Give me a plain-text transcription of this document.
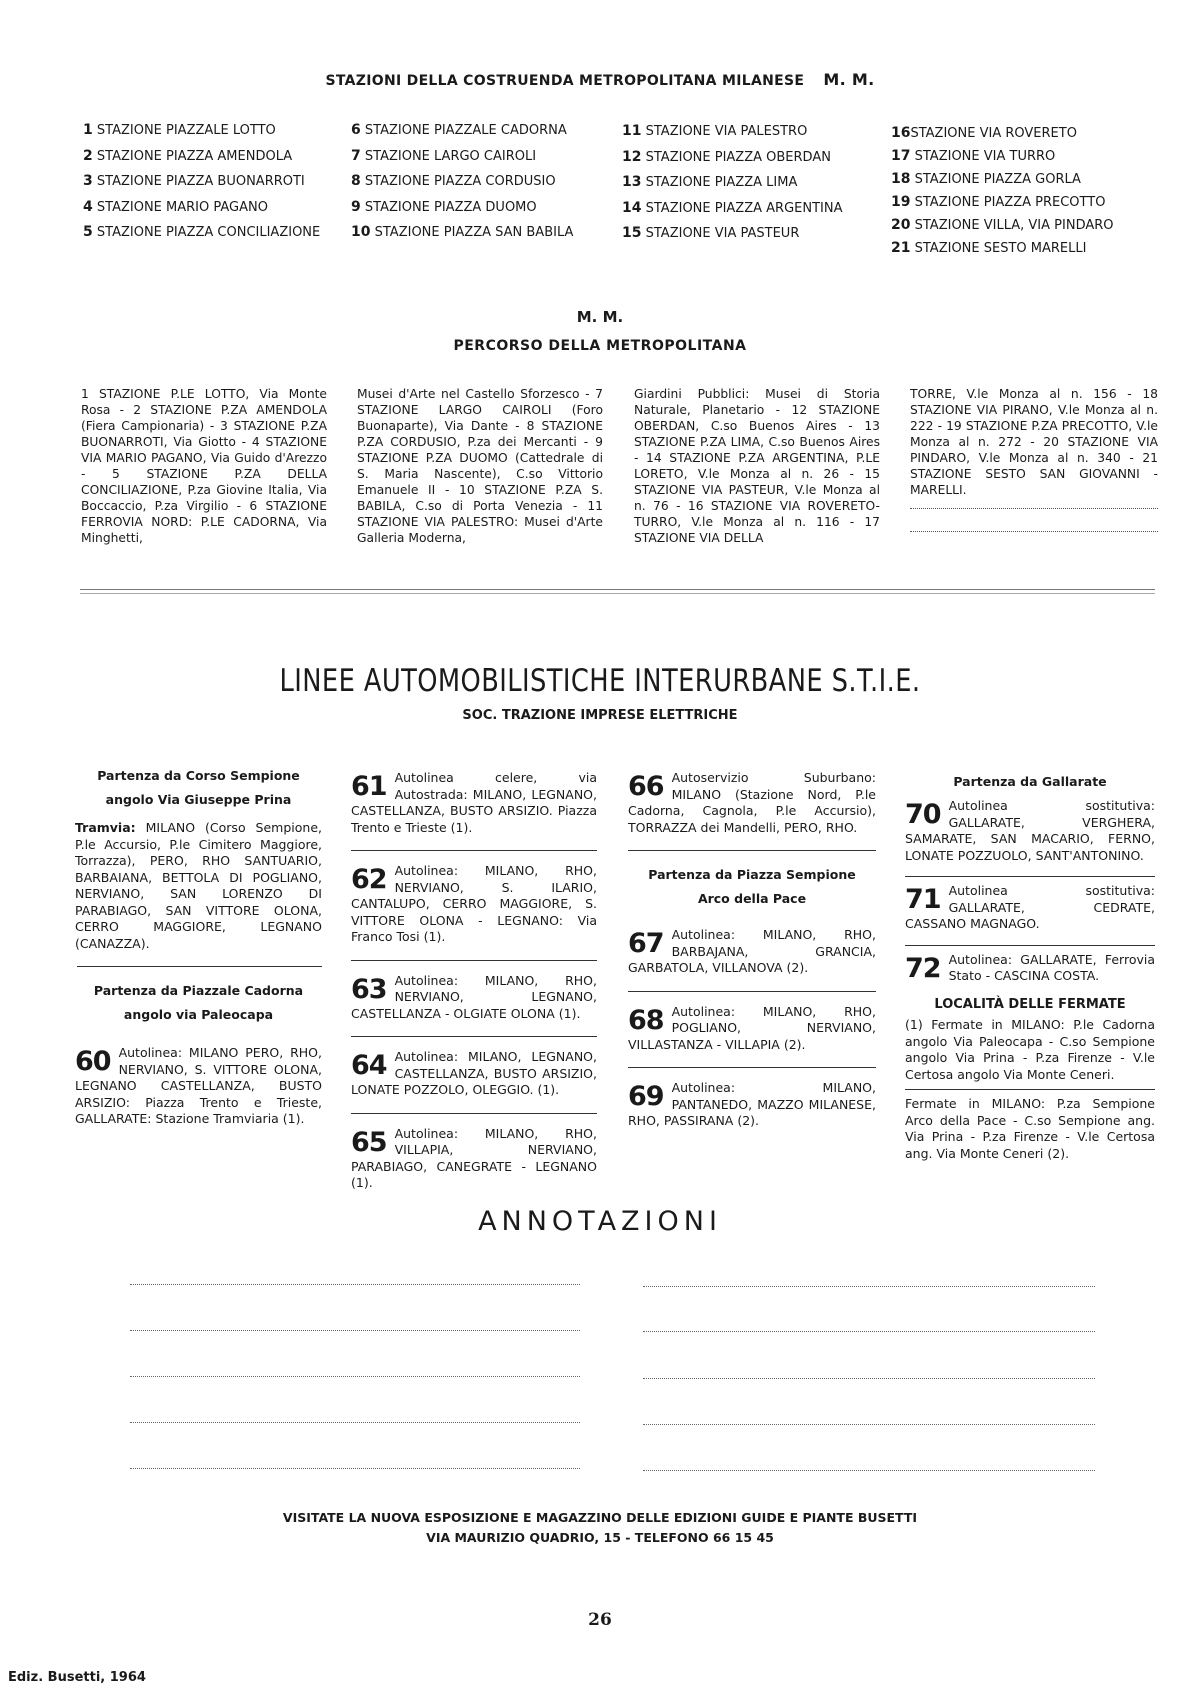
STAZIONI DELLA COSTRUENDA METROPOLITANA MILANESE M. M.
1 STAZIONE PIAZZALE LOTTO
2 STAZIONE PIAZZA AMENDOLA
3 STAZIONE PIAZZA BUONARROTI
4 STAZIONE MARIO PAGANO
5 STAZIONE PIAZZA CONCILIAZIONE
6 STAZIONE PIAZZALE CADORNA
7 STAZIONE LARGO CAIROLI
8 STAZIONE PIAZZA CORDUSIO
9 STAZIONE PIAZZA DUOMO
10 STAZIONE PIAZZA SAN BABILA
11 STAZIONE VIA PALESTRO
12 STAZIONE PIAZZA OBERDAN
13 STAZIONE PIAZZA LIMA
14 STAZIONE PIAZZA ARGENTINA
15 STAZIONE VIA PASTEUR
16STAZIONE VIA ROVERETO
17 STAZIONE VIA TURRO
18 STAZIONE PIAZZA GORLA
19 STAZIONE PIAZZA PRECOTTO
20 STAZIONE VILLA, VIA PINDARO
21 STAZIONE SESTO MARELLI
M. M.
PERCORSO DELLA METROPOLITANA
1 STAZIONE P.LE LOTTO, Via Monte Rosa - 2 STAZIONE P.ZA AMENDOLA (Fiera Campionaria) - 3 STAZIONE P.ZA BUONARROTI, Via Giotto - 4 STAZIONE VIA MARIO PAGANO, Via Guido d'Arezzo - 5 STAZIONE P.ZA DELLA CONCILIAZIONE, P.za Giovine Italia, Via Boccaccio, P.za Virgilio - 6 STAZIONE FERROVIA NORD: P.LE CADORNA, Via Minghetti,
Musei d'Arte nel Castello Sforzesco - 7 STAZIONE LARGO CAIROLI (Foro Buonaparte), Via Dante - 8 STAZIONE P.ZA CORDUSIO, P.za dei Mercanti - 9 STAZIONE P.ZA DUOMO (Cattedrale di S. Maria Nascente), C.so Vittorio Emanuele II - 10 STAZIONE P.ZA S. BABILA, C.so di Porta Venezia - 11 STAZIONE VIA PALESTRO: Musei d'Arte Galleria Moderna,
Giardini Pubblici: Musei di Storia Naturale, Planetario - 12 STAZIONE OBERDAN, C.so Buenos Aires - 13 STAZIONE P.ZA LIMA, C.so Buenos Aires - 14 STAZIONE P.ZA ARGENTINA, P.LE LORETO, V.le Monza al n. 26 - 15 STAZIONE VIA PASTEUR, V.le Monza al n. 76 - 16 STAZIONE VIA ROVERETO-TURRO, V.le Monza al n. 116 - 17 STAZIONE VIA DELLA
TORRE, V.le Monza al n. 156 - 18 STAZIONE VIA PIRANO, V.le Monza al n. 222 - 19 STAZIONE P.ZA PRECOTTO, V.le Monza al n. 272 - 20 STAZIONE VIA PINDARO, V.le Monza al n. 340 - 21 STAZIONE SESTO SAN GIOVANNI - MARELLI.
LINEE AUTOMOBILISTICHE INTERURBANE S.T.I.E.
SOC. TRAZIONE IMPRESE ELETTRICHE
Partenza da Corso Sempione
angolo Via Giuseppe Prina
Tramvia: MILANO (Corso Sempione, P.le Accursio, P.le Cimitero Maggiore, Torrazza), PERO, RHO SANTUARIO, BARBAIANA, BETTOLA DI POGLIANO, NERVIANO, SAN LORENZO DI PARABIAGO, SAN VITTORE OLONA, CERRO MAGGIORE, LEGNANO (CANAZZA).
Partenza da Piazzale Cadorna
angolo via Paleocapa
60 Autolinea: MILANO PERO, RHO, NERVIANO, S. VITTORE OLONA, LEGNANO CASTELLANZA, BUSTO ARSIZIO: Piazza Trento e Trieste, GALLARATE: Stazione Tramviaria (1).
61 Autolinea celere, via Autostrada: MILANO, LEGNANO, CASTELLANZA, BUSTO ARSIZIO. Piazza Trento e Trieste (1).
62 Autolinea: MILANO, RHO, NERVIANO, S. ILARIO, CANTALUPO, CERRO MAGGIORE, S. VITTORE OLONA - LEGNANO: Via Franco Tosi (1).
63 Autolinea: MILANO, RHO, NERVIANO, LEGNANO, CASTELLANZA - OLGIATE OLONA (1).
64 Autolinea: MILANO, LEGNANO, CASTELLANZA, BUSTO ARSIZIO, LONATE POZZOLO, OLEGGIO. (1).
65 Autolinea: MILANO, RHO, VILLAPIA, NERVIANO, PARABIAGO, CANEGRATE - LEGNANO (1).
66 Autoservizio Suburbano: MILANO (Stazione Nord, P.le Cadorna, Cagnola, P.le Accursio), TORRAZZA dei Mandelli, PERO, RHO.
Partenza da Piazza Sempione
Arco della Pace
67 Autolinea: MILANO, RHO, BARBAJANA, GRANCIA, GARBATOLA, VILLANOVA (2).
68 Autolinea: MILANO, RHO, POGLIANO, NERVIANO, VILLASTANZA - VILLAPIA (2).
69 Autolinea: MILANO, PANTANEDO, MAZZO MILANESE, RHO, PASSIRANA (2).
Partenza da Gallarate
70 Autolinea sostitutiva: GALLARATE, VERGHERA, SAMARATE, SAN MACARIO, FERNO, LONATE POZZUOLO, SANT'ANTONINO.
71 Autolinea sostitutiva: GALLARATE, CEDRATE, CASSANO MAGNAGO.
72 Autolinea: GALLARATE, Ferrovia Stato - CASCINA COSTA.
LOCALITÀ DELLE FERMATE
(1) Fermate in MILANO: P.le Cadorna angolo Via Paleocapa - C.so Sempione angolo Via Prina - P.za Firenze - V.le Certosa angolo Via Monte Ceneri.
Fermate in MILANO: P.za Sempione Arco della Pace - C.so Sempione ang. Via Prina - P.za Firenze - V.le Certosa ang. Via Monte Ceneri (2).
ANNOTAZIONI
VISITATE LA NUOVA ESPOSIZIONE E MAGAZZINO DELLE EDIZIONI GUIDE E PIANTE BUSETTI
VIA MAURIZIO QUADRIO, 15 - TELEFONO 66 15 45
26
Ediz. Busetti, 1964
